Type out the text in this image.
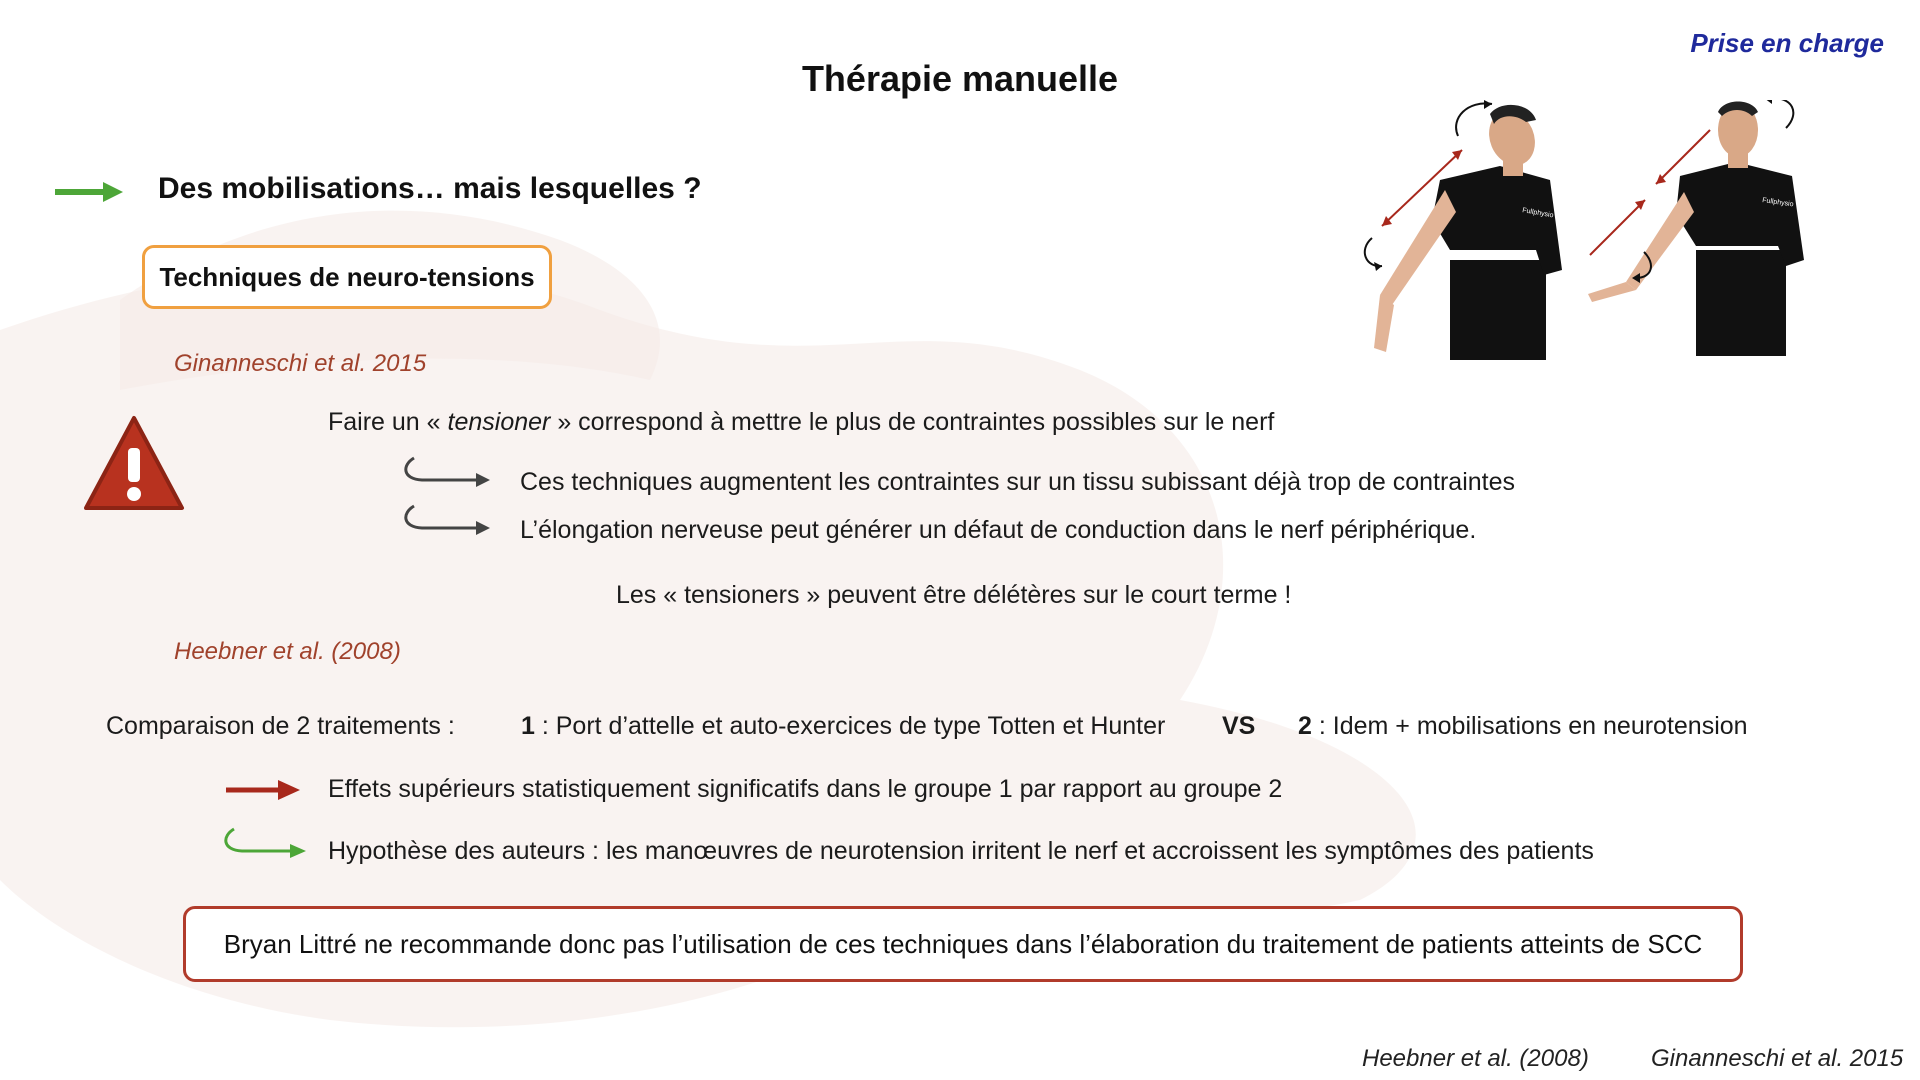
Prise en charge
Thérapie manuelle
Des mobilisations… mais lesquelles ?
Techniques de neuro-tensions
Ginanneschi et al. 2015
Faire un « tensioner » correspond à mettre le plus de contraintes possibles sur le nerf
Ces techniques augmentent les contraintes sur un tissu subissant déjà trop de contraintes
L’élongation nerveuse peut générer un défaut de conduction dans le nerf périphérique.
Les « tensioners » peuvent être délétères sur le court terme !
Heebner et al. (2008)
Comparaison de 2 traitements :	1 : Port d’attelle et auto-exercices de type Totten et Hunter VS 2 : Idem + mobilisations en neurotension
Effets supérieurs statistiquement significatifs dans le groupe 1 par rapport au groupe 2
Hypothèse des auteurs : les manœuvres de neurotension irritent le nerf et accroissent les symptômes des patients
Bryan Littré ne recommande donc pas l’utilisation de ces techniques dans l’élaboration du traitement de patients atteints de SCC
Heebner et al. (2008)	Ginanneschi et al. 2015
Fullphysio
Fullphysio
